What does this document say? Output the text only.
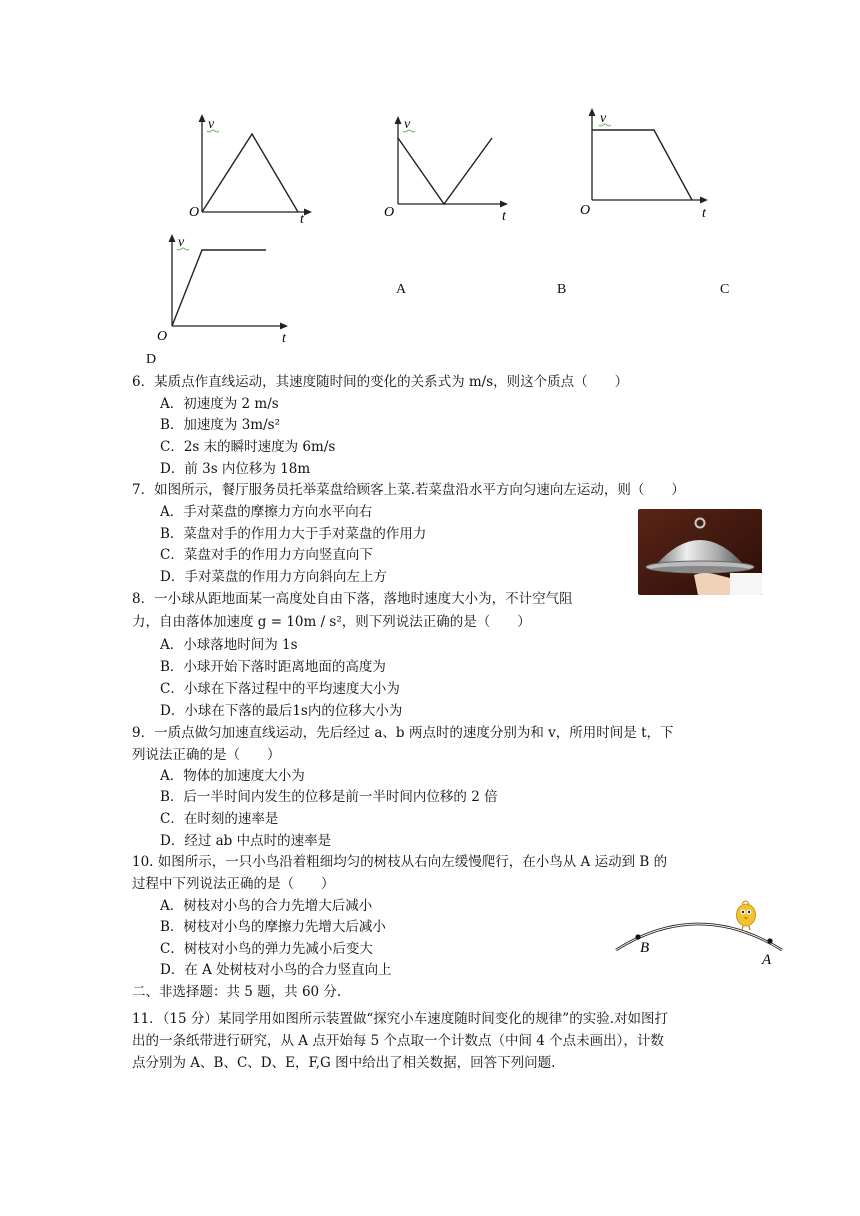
v
O	t
v
O	t
v
O	t
v
O	t
A	B	C
D
6．某质点作直线运动，其速度随时间的变化的关系式为 m/s，则这个质点（　　）
A．初速度为 2 m/s
B．加速度为 3m/s²
C．2s 末的瞬时速度为 6m/s
D．前 3s 内位移为 18m
7．如图所示，餐厅服务员托举菜盘给顾客上菜.若菜盘沿水平方向匀速向左运动，则（　　）
A．手对菜盘的摩擦力方向水平向右
B．菜盘对手的作用力大于手对菜盘的作用力
C．菜盘对手的作用力方向竖直向下
D．手对菜盘的作用力方向斜向左上方
8．一小球从距地面某一高度处自由下落，落地时速度大小为，不计空气阻
力，自由落体加速度 g = 10m / s²，则下列说法正确的是（　　）
A．小球落地时间为 1s
B．小球开始下落时距离地面的高度为
C．小球在下落过程中的平均速度大小为
D．小球在下落的最后1s内的位移大小为
9．一质点做匀加速直线运动，先后经过 a、b 两点时的速度分别为和 v，所用时间是 t，下
列说法正确的是（　　）
A．物体的加速度大小为
B．后一半时间内发生的位移是前一半时间内位移的 2 倍
C．在时刻的速率是
D．经过 ab 中点时的速率是
10. 如图所示，一只小鸟沿着粗细均匀的树枝从右向左缓慢爬行，在小鸟从 A 运动到 B 的
过程中下列说法正确的是（　　）
A．树枝对小鸟的合力先增大后减小
B．树枝对小鸟的摩擦力先增大后减小
C．树枝对小鸟的弹力先减小后变大
D．在 A 处树枝对小鸟的合力竖直向上
B
A
二、非选择题：共 5 题，共 60 分.
11．（15 分）某同学用如图所示装置做“探究小车速度随时间变化的规律”的实验.对如图打
出的一条纸带进行研究，从 A 点开始每 5 个点取一个计数点（中间 4 个点未画出），计数
点分别为 A、B、C、D、E，F,G 图中给出了相关数据，回答下列问题.
